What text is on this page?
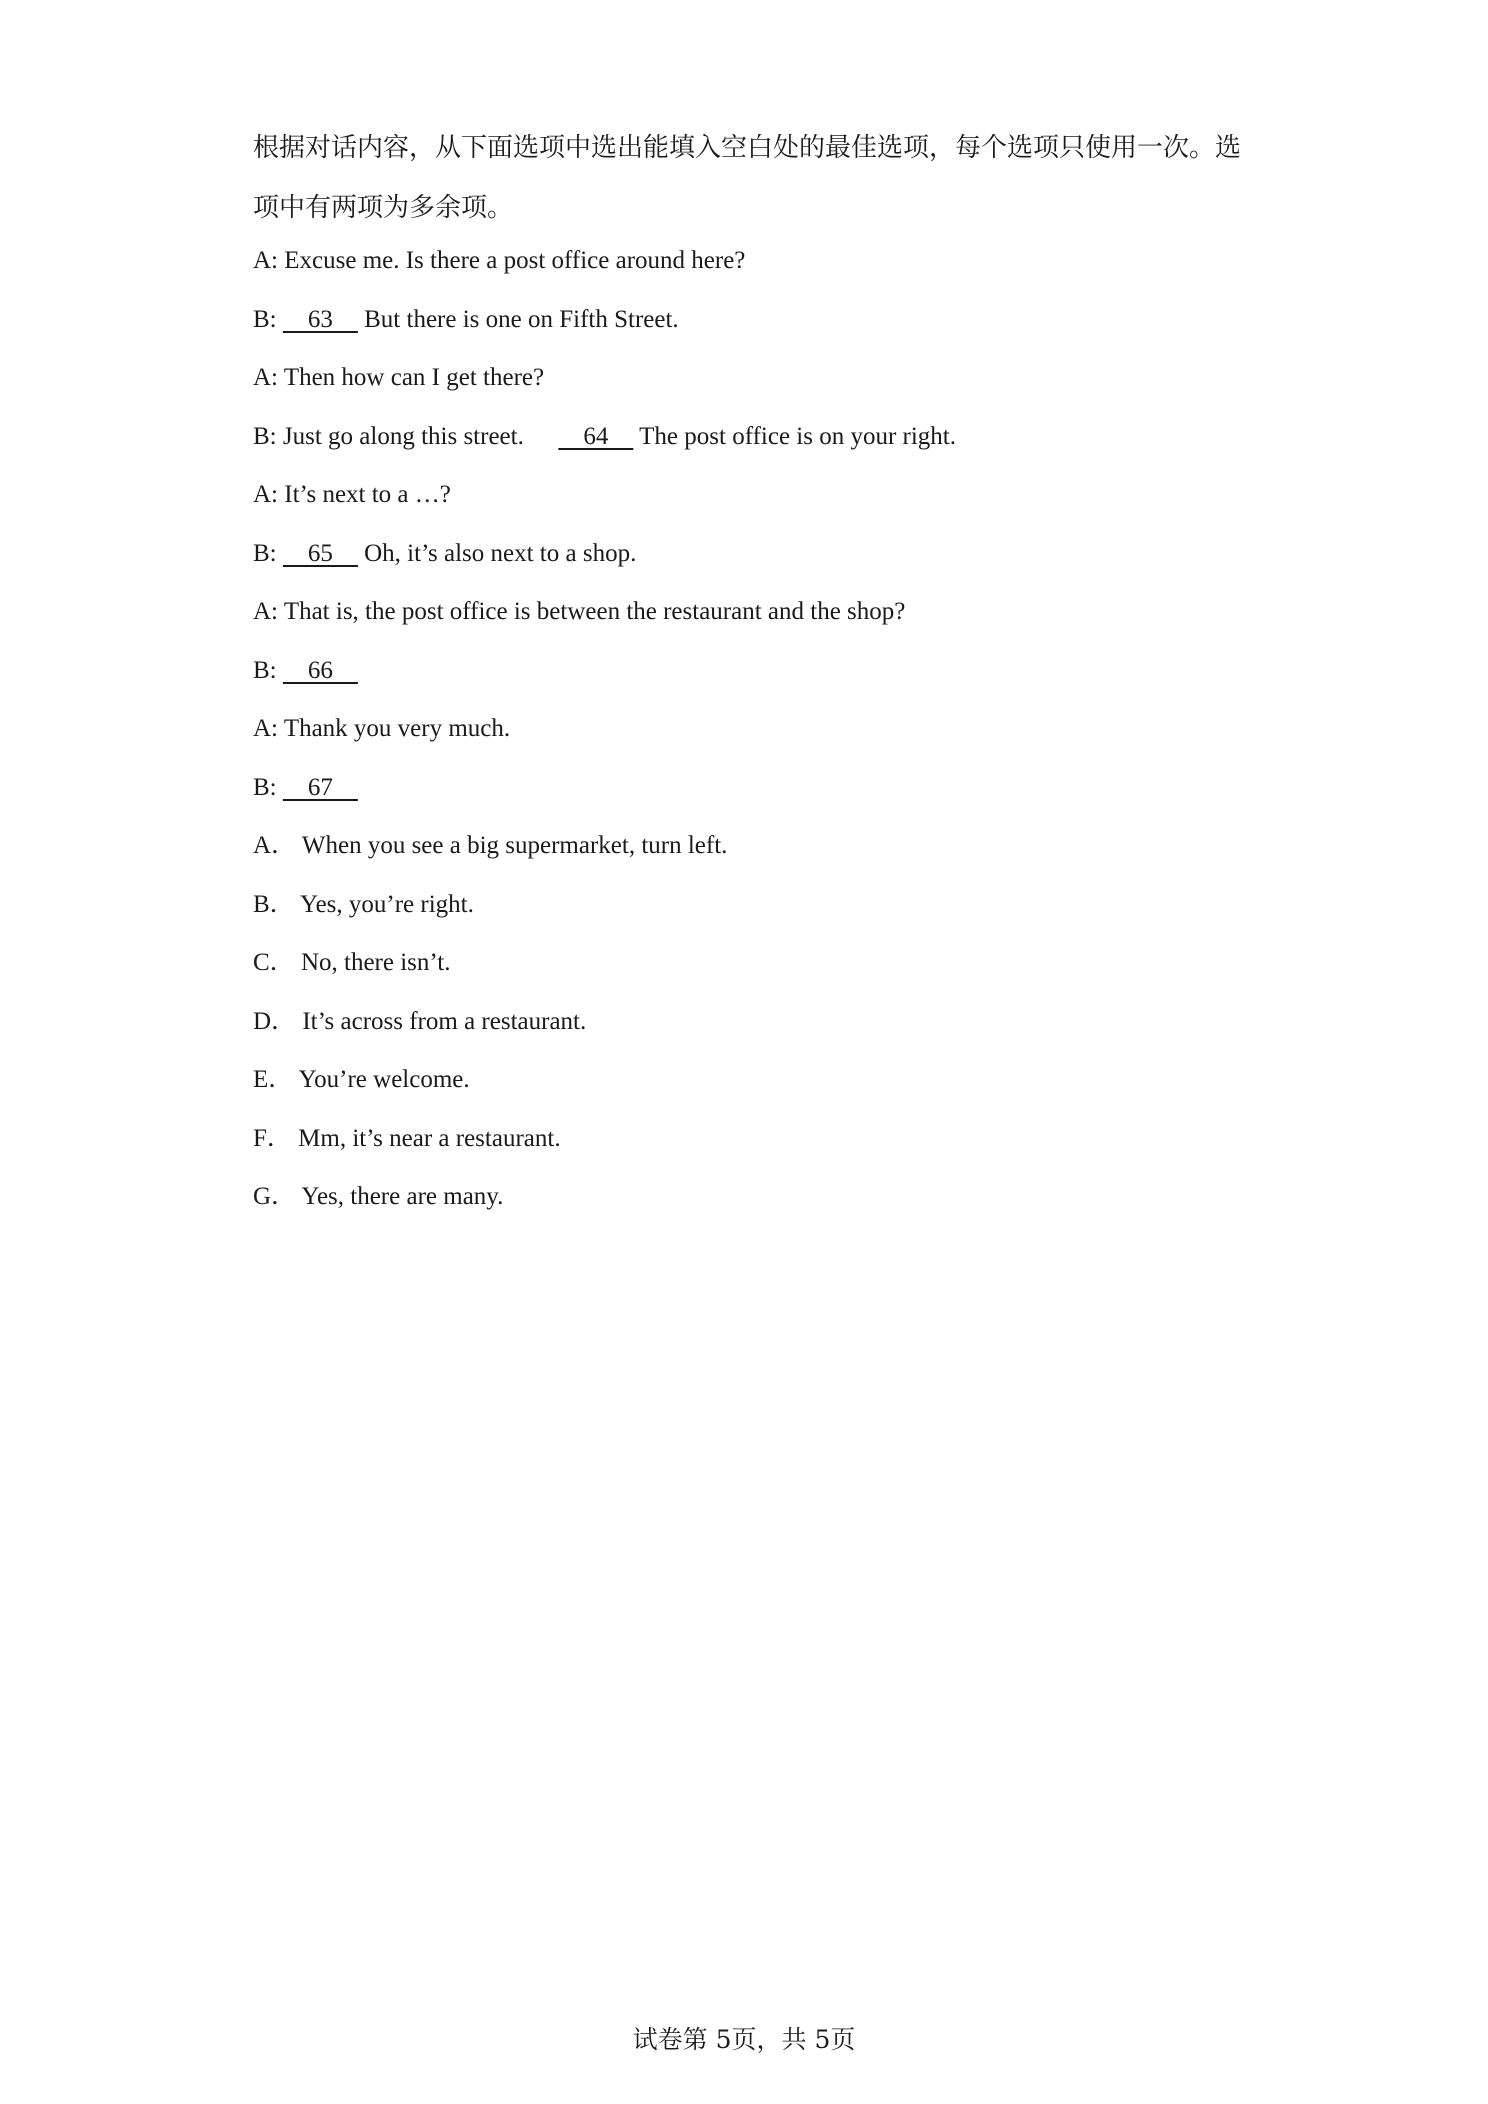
根据对话内容，从下面选项中选出能填入空白处的最佳选项，每个选项只使用一次。选项中有两项为多余项。
A: Excuse me. Is there a post office around here?
B:     63     But there is one on Fifth Street.
A: Then how can I get there?
B: Just go along this street.      64     The post office is on your right.
A: It’s next to a …?
B:     65     Oh, it’s also next to a shop.
A: That is, the post office is between the restaurant and the shop?
B:     66
A: Thank you very much.
B:     67
A． When you see a big supermarket, turn left.
B． Yes, you’re right.
C． No, there isn’t.
D． It’s across from a restaurant.
E． You’re welcome.
F． Mm, it’s near a restaurant.
G． Yes, there are many.
试卷第 5页，共 5页
